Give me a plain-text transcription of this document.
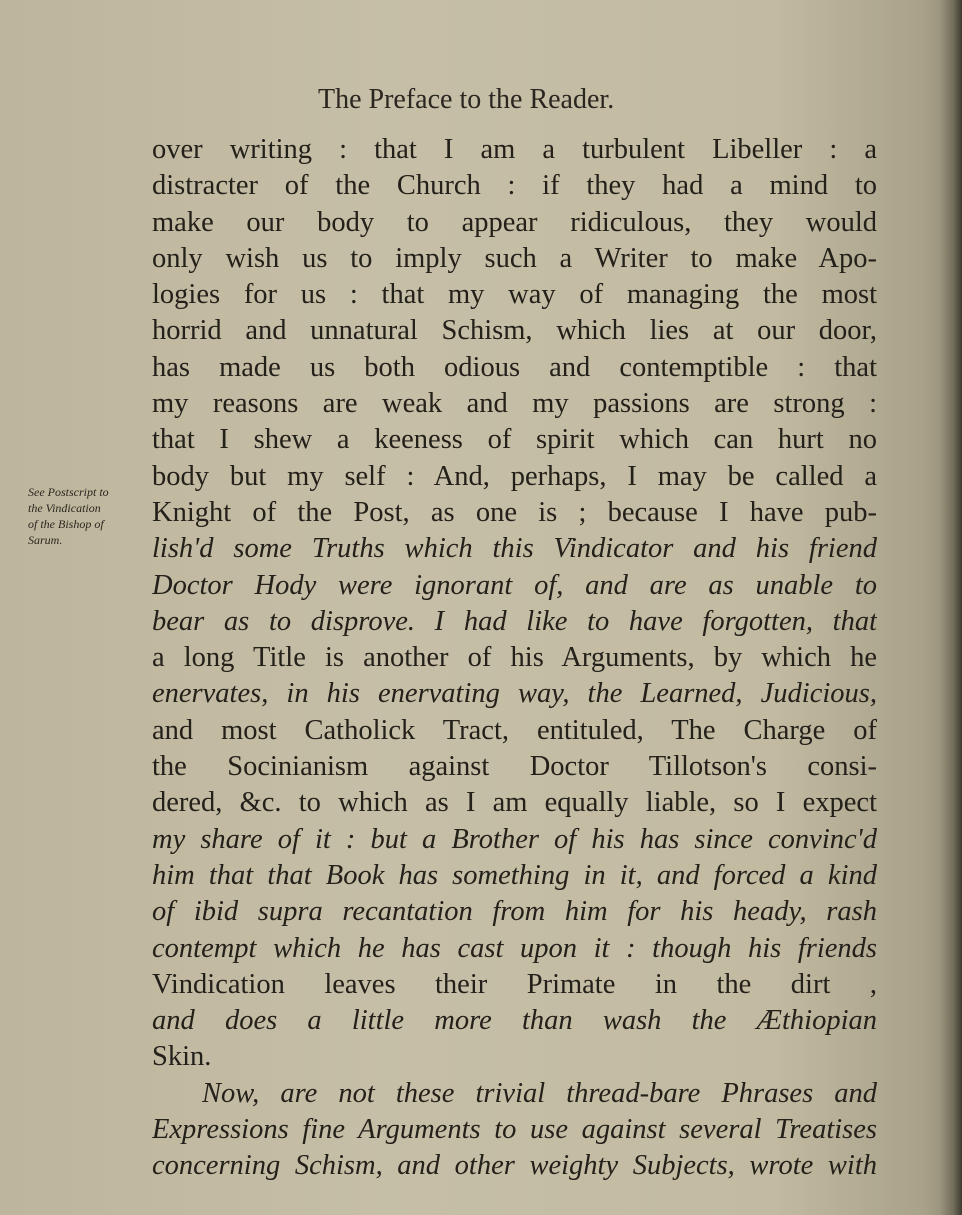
The Preface to the Reader.
See Postscript to
the Vindication
of the Bishop of
Sarum.
over writing : that I am a turbulent Libeller : a
distracter of the Church : if they had a mind to
make our body to appear ridiculous, they would
only wish us to imply such a Writer to make Apo-
logies for us : that my way of managing the most
horrid and unnatural Schism, which lies at our door,
has made us both odious and contemptible : that
my reasons are weak and my passions are strong :
that I shew a keeness of spirit which can hurt no
body but my self : And, perhaps, I may be called a
Knight of the Post, as one is ; because I have pub-
lish'd some Truths which this Vindicator and his friend
Doctor Hody were ignorant of, and are as unable to
bear as to disprove. I had like to have forgotten, that
a long Title is another of his Arguments, by which he
enervates, in his enervating way, the Learned, Judicious,
and most Catholick Tract, entituled, The Charge of
the Socinianism against Doctor Tillotson's consi-
dered, &c. to which as I am equally liable, so I expect
my share of it : but a Brother of his has since convinc'd
him that that Book has something in it, and forced a kind
of ibid supra recantation from him for his heady, rash
contempt which he has cast upon it : though his friends
Vindication leaves their Primate in the dirt ,
and does a little more than wash the Æthiopian
Skin.
Now, are not these trivial thread-bare Phrases and
Expressions fine Arguments to use against several Treatises
concerning Schism, and other weighty Subjects, wrote with
